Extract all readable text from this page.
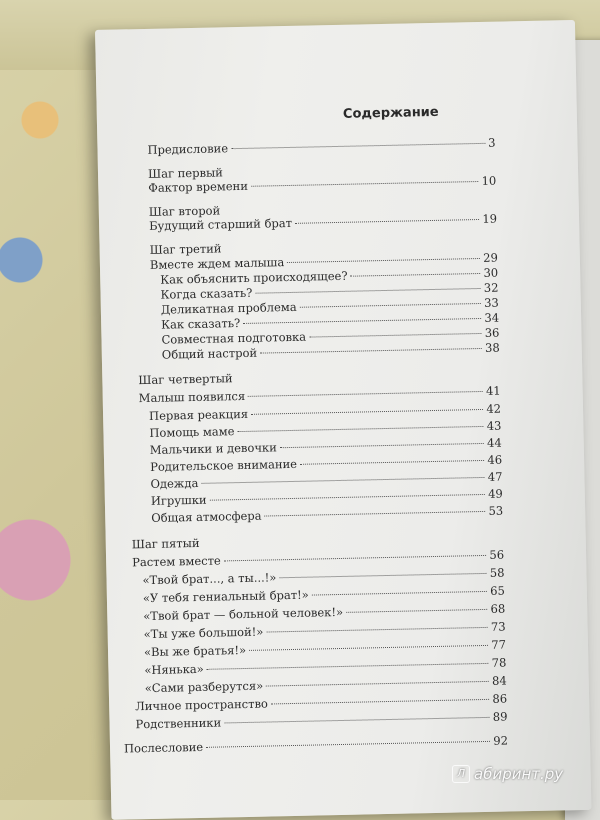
Содержание
Предисловие	3
Шаг первый
Фактор времени	10
Шаг второй
Будущий старший брат	19
Шаг третий
Вместе ждем малыша	29
Как объяснить происходящее?	30
Когда сказать?	32
Деликатная проблема	33
Как сказать?	34
Совместная подготовка	36
Общий настрой	38
Шаг четвертый
Малыш появился	41
Первая реакция	42
Помощь маме	43
Мальчики и девочки	44
Родительское внимание	46
Одежда	47
Игрушки	49
Общая атмосфера	53
Шаг пятый
Растем вместе	56
«Твой брат..., а ты...!»	58
«У тебя гениальный брат!»	65
«Твой брат — больной человек!»	68
«Ты уже большой!»	73
«Вы же братья!»	77
«Нянька»	78
«Сами разберутся»	84
Личное пространство	86
Родственники	89
Послесловие	92
Л абиринт.ру
